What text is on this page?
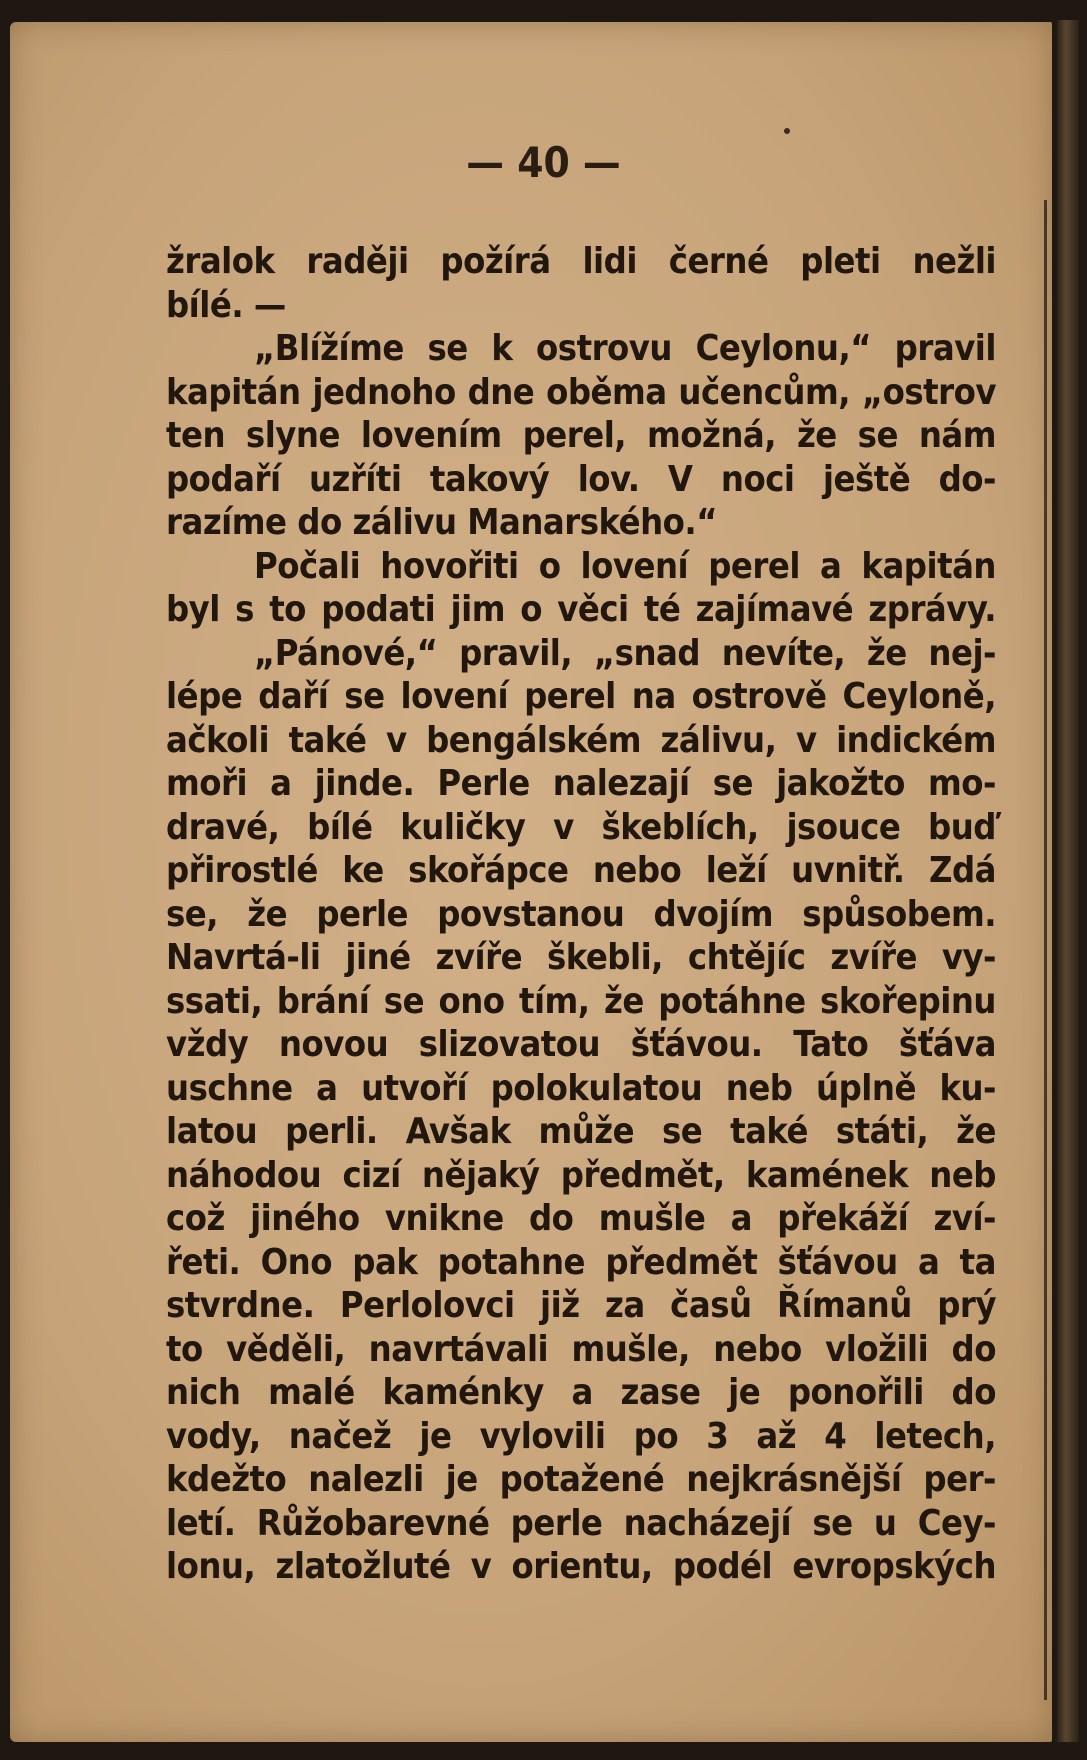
— 40 —
žralok raději požírá lidi černé pleti nežli
bílé. —
„Blížíme se k ostrovu Ceylonu,“ pravil
kapitán jednoho dne oběma učencům, „ostrov
ten slyne lovením perel, možná, že se nám
podaří uzříti takový lov. V noci ještě do-
razíme do zálivu Manarského.“
Počali hovořiti o lovení perel a kapitán
byl s to podati jim o věci té zajímavé zprávy.
„Pánové,“ pravil, „snad nevíte, že nej-
lépe daří se lovení perel na ostrově Ceyloně,
ačkoli také v bengálském zálivu, v indickém
moři a jinde. Perle nalezají se jakožto mo-
dravé, bílé kuličky v škeblích, jsouce buď
přirostlé ke skořápce nebo leží uvnitř. Zdá
se, že perle povstanou dvojím spůsobem.
Navrtá-li jiné zvíře škebli, chtějíc zvíře vy-
ssati, brání se ono tím, že potáhne skořepinu
vždy novou slizovatou šťávou. Tato šťáva
uschne a utvoří polokulatou neb úplně ku-
latou perli. Avšak může se také státi, že
náhodou cizí nějaký předmět, kamének neb
což jiného vnikne do mušle a překáží zví-
řeti. Ono pak potahne předmět šťávou a ta
stvrdne. Perlolovci již za časů Římanů prý
to věděli, navrtávali mušle, nebo vložili do
nich malé kaménky a zase je ponořili do
vody, načež je vylovili po 3 až 4 letech,
kdežto nalezli je potažené nejkrásnější per-
letí. Růžobarevné perle nacházejí se u Cey-
lonu, zlatožluté v orientu, podél evropských
